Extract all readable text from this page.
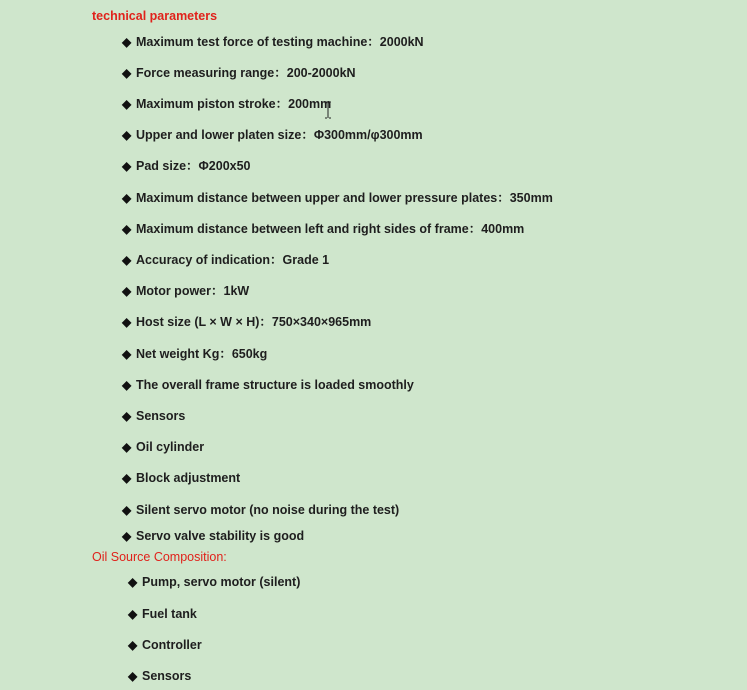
technical parameters
◆ Maximum test force of testing machine：2000kN
◆ Force measuring range：200-2000kN
◆ Maximum piston stroke：200mm
◆ Upper and lower platen size：Φ300mm/φ300mm
◆ Pad size：Φ200x50
◆ Maximum distance between upper and lower pressure plates：350mm
◆ Maximum distance between left and right sides of frame：400mm
◆ Accuracy of indication：Grade 1
◆ Motor power：1kW
◆ Host size (L × W × H)：750×340×965mm
◆ Net weight Kg：650kg
◆ The overall frame structure is loaded smoothly
◆ Sensors
◆ Oil cylinder
◆ Block adjustment
◆ Silent servo motor (no noise during the test)
◆ Servo valve stability is good
Oil Source Composition:
◆ Pump, servo motor (silent)
◆ Fuel tank
◆ Controller
◆ Sensors
